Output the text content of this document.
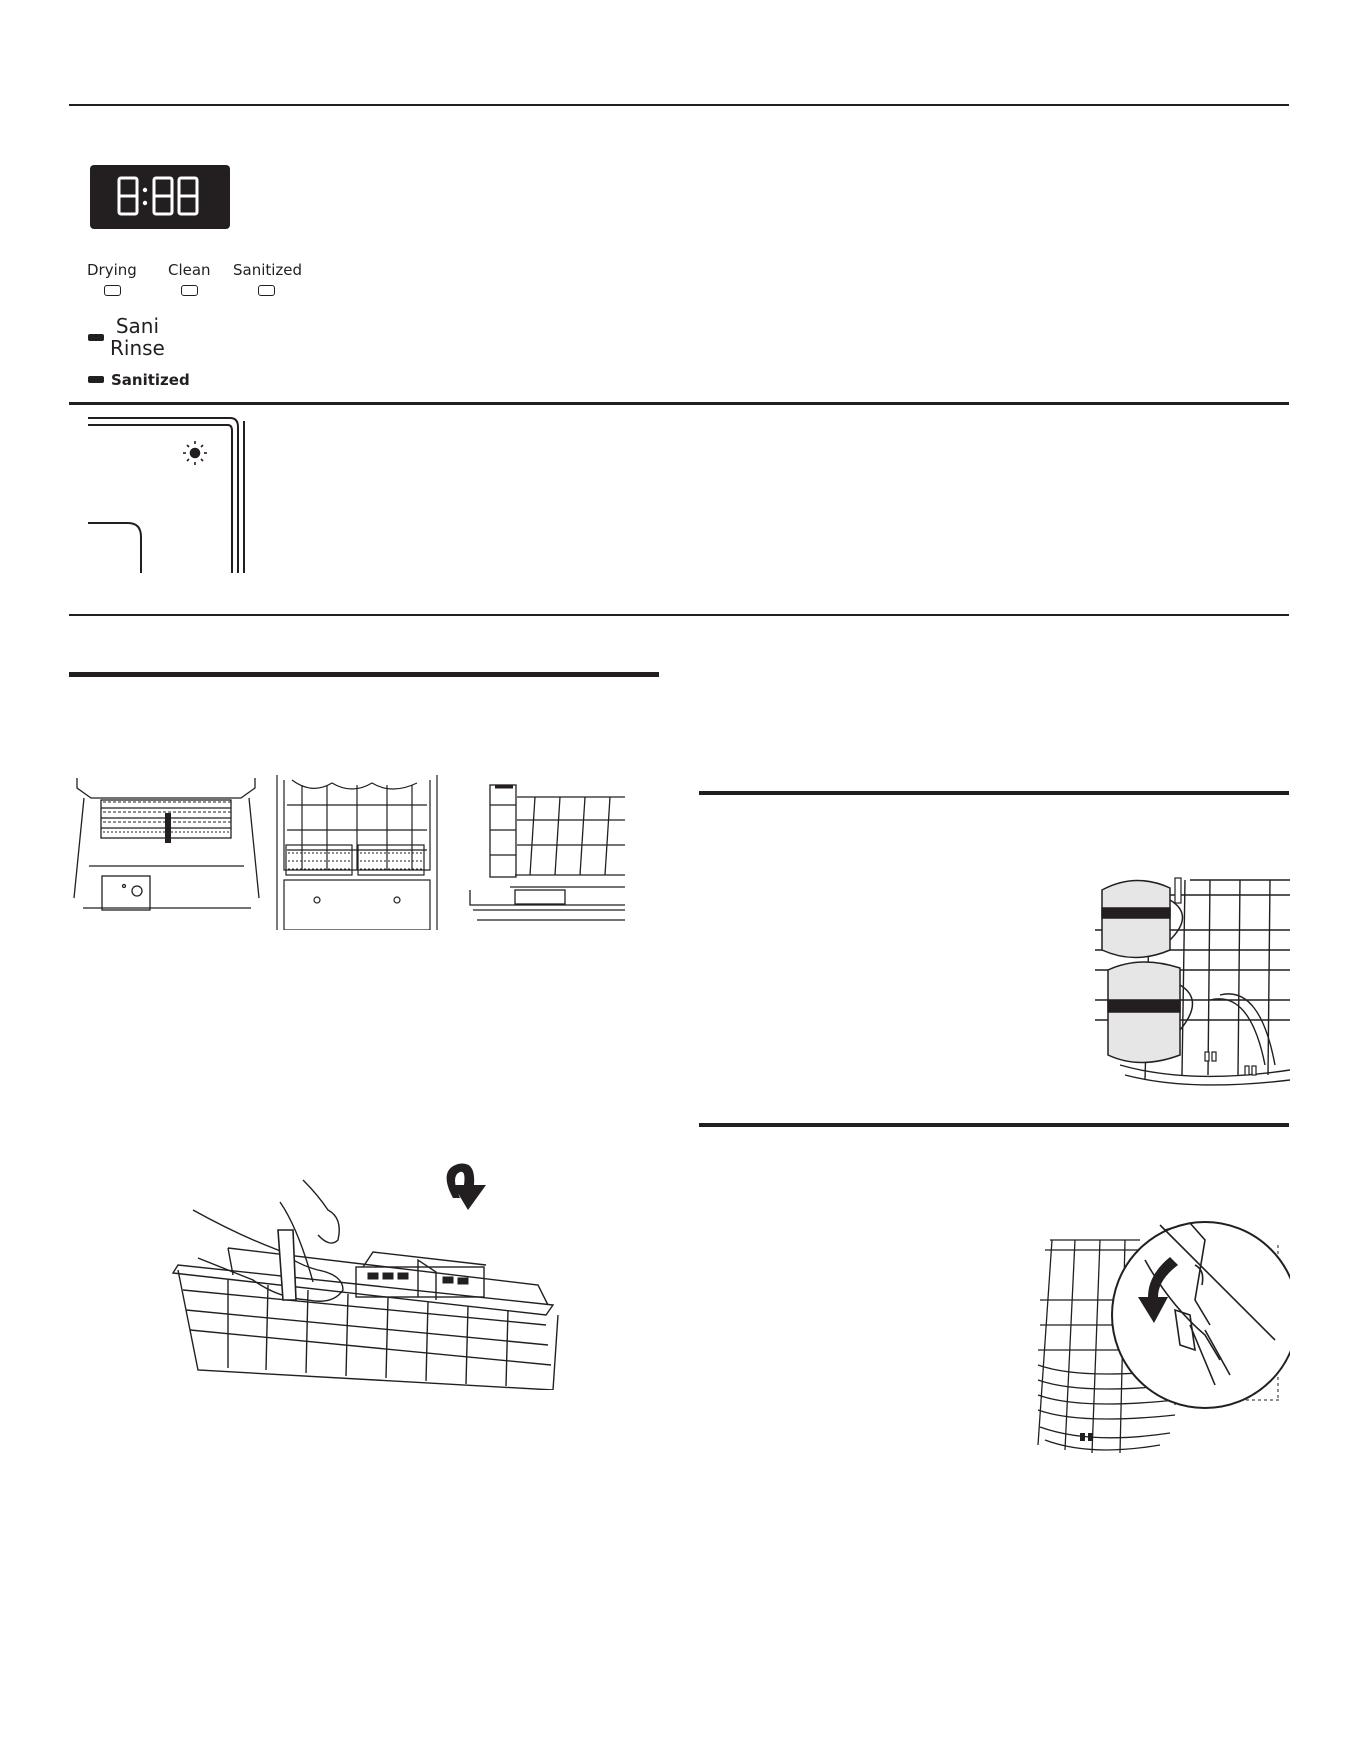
Drying Clean Sanitized
Sani
Rinse
Sanitized
